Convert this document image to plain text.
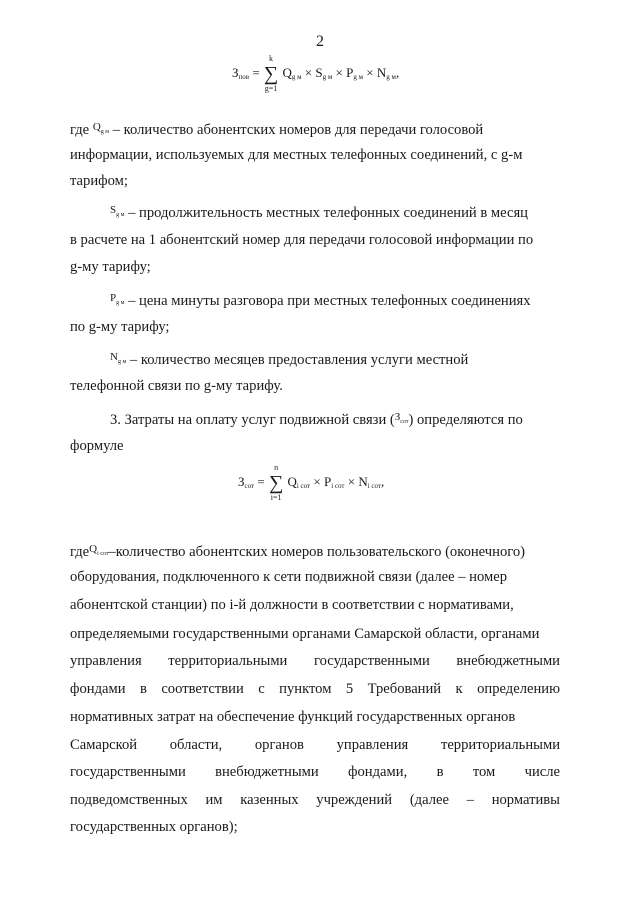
2
$З_{пов}$ = ∑
k
g=1
$Q_{g м} \times S_{g м} \times P_{g м} \times N_{g м}$,
где $^{Q_{g м}}$ – количество абонентских номеров для передачи голосовой
информации, используемых для местных телефонных соединений, с g-м
тарифом;
$^{S_{g м}}$ – продолжительность местных телефонных соединений в месяц
в расчете на 1 абонентский номер для передачи голосовой информации по
g-му тарифу;
$^{P_{g м}}$ – цена минуты разговора при местных телефонных соединениях
по g-му тарифу;
$^{N_{g м}}$ – количество месяцев предоставления услуги местной
телефонной связи по g-му тарифу.
3. Затраты на оплату услуг подвижной связи ($^{З_{сот}}$) определяются по
формуле
$З_{сот}$ = ∑
n
i=1
$Q_{i сот} \times P_{i сот} \times N_{i сот}$,
где$^{Q_{i сот}}$–количество абонентских номеров пользовательского (оконечного)
оборудования, подключенного к сети подвижной связи (далее – номер
абонентской станции) по i-й должности в соответствии с нормативами,
определяемыми государственными органами Самарской области, органами
управления территориальными государственными внебюджетными
фондами в соответствии с пунктом 5 Требований к определению
нормативных затрат на обеспечение функций государственных органов
Самарской области, органов управления территориальными
государственными внебюджетными фондами, в том числе
подведомственных им казенных учреждений (далее – нормативы
государственных органов);
